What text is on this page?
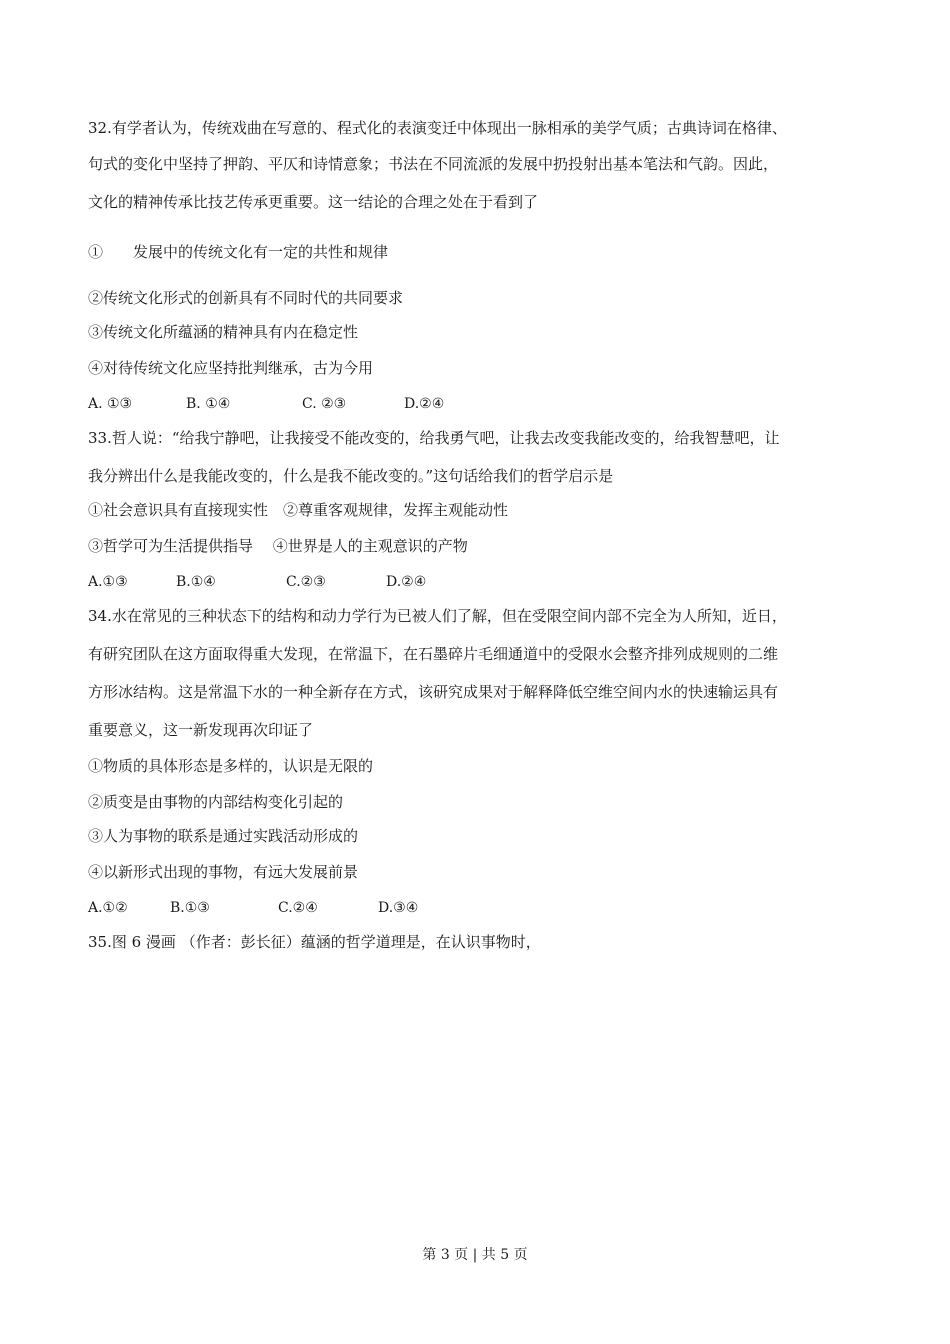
32.有学者认为，传统戏曲在写意的、程式化的表演变迁中体现出一脉相承的美学气质；古典诗词在格律、
句式的变化中坚持了押韵、平仄和诗情意象；书法在不同流派的发展中扔投射出基本笔法和气韵。因此，
文化的精神传承比技艺传承更重要。这一结论的合理之处在于看到了
①　　发展中的传统文化有一定的共性和规律
②传统文化形式的创新具有不同时代的共同要求
③传统文化所蕴涵的精神具有内在稳定性
④对待传统文化应坚持批判继承，古为今用
A. ①③	B. ①④	C. ②③	D.②④
33.哲人说：“给我宁静吧，让我接受不能改变的，给我勇气吧，让我去改变我能改变的，给我智慧吧，让
我分辨出什么是我能改变的，什么是我不能改变的。”这句话给我们的哲学启示是
①社会意识具有直接现实性　②尊重客观规律，发挥主观能动性
③哲学可为生活提供指导　 ④世界是人的主观意识的产物
A.①③	B.①④	C.②③	D.②④
34.水在常见的三种状态下的结构和动力学行为已被人们了解，但在受限空间内部不完全为人所知，近日，
有研究团队在这方面取得重大发现，在常温下，在石墨碎片毛细通道中的受限水会整齐排列成规则的二维
方形冰结构。这是常温下水的一种全新存在方式，该研究成果对于解释降低空维空间内水的快速输运具有
重要意义，这一新发现再次印证了
①物质的具体形态是多样的，认识是无限的
②质变是由事物的内部结构变化引起的
③人为事物的联系是通过实践活动形成的
④以新形式出现的事物，有远大发展前景
A.①②	B.①③	C.②④	D.③④
35.图 6 漫画 （作者：彭长征）蕴涵的哲学道理是，在认识事物时，
第 3 页 | 共 5 页
